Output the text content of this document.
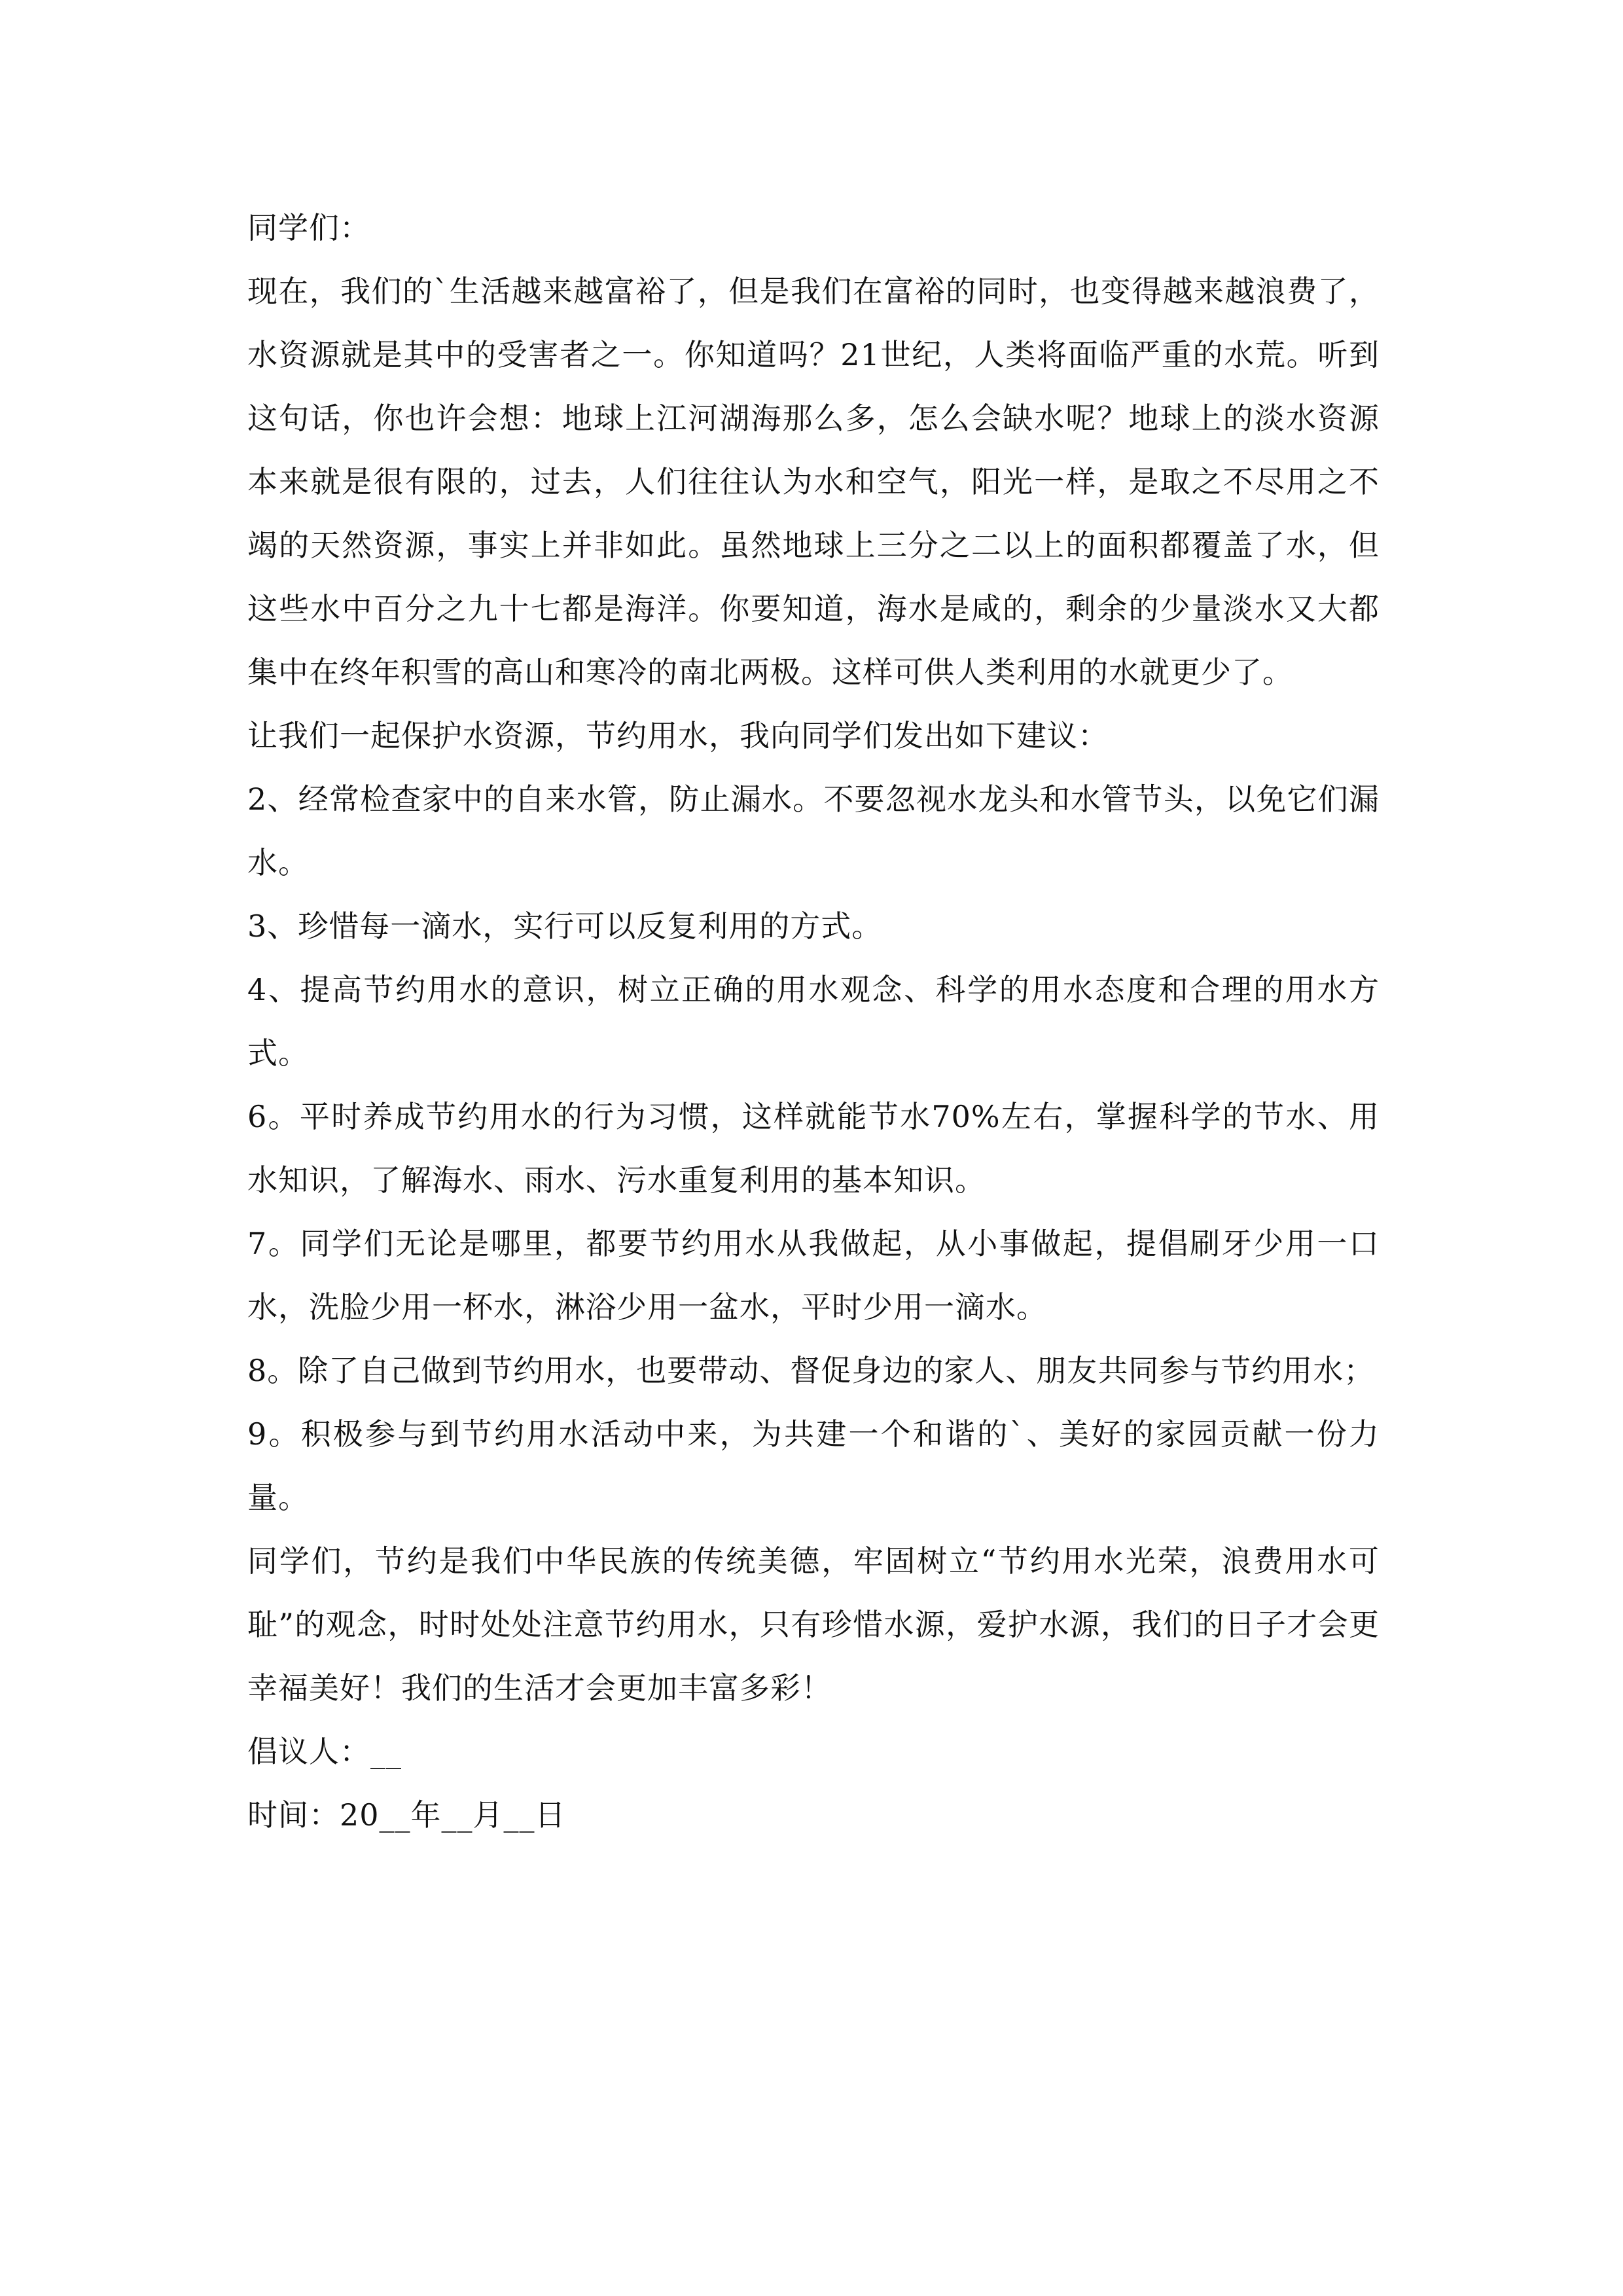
同学们：

现在，我们的`生活越来越富裕了，但是我们在富裕的同时，也变得越来越浪费了，水资源就是其中的受害者之一。你知道吗？21世纪，人类将面临严重的水荒。听到这句话，你也许会想：地球上江河湖海那么多，怎么会缺水呢？地球上的淡水资源本来就是很有限的，过去，人们往往认为水和空气，阳光一样，是取之不尽用之不竭的天然资源，事实上并非如此。虽然地球上三分之二以上的面积都覆盖了水，但这些水中百分之九十七都是海洋。你要知道，海水是咸的，剩余的少量淡水又大都集中在终年积雪的高山和寒冷的南北两极。这样可供人类利用的水就更少了。

让我们一起保护水资源，节约用水，我向同学们发出如下建议：

2、经常检查家中的自来水管，防止漏水。不要忽视水龙头和水管节头，以免它们漏水。

3、珍惜每一滴水，实行可以反复利用的方式。

4、提高节约用水的意识，树立正确的用水观念、科学的用水态度和合理的用水方式。

6。平时养成节约用水的行为习惯，这样就能节水70%左右，掌握科学的节水、用水知识，了解海水、雨水、污水重复利用的基本知识。

7。同学们无论是哪里，都要节约用水从我做起，从小事做起，提倡刷牙少用一口水，洗脸少用一杯水，淋浴少用一盆水，平时少用一滴水。

8。除了自己做到节约用水，也要带动、督促身边的家人、朋友共同参与节约用水；

9。积极参与到节约用水活动中来，为共建一个和谐的`、美好的家园贡献一份力量。

同学们，节约是我们中华民族的传统美德，牢固树立“节约用水光荣，浪费用水可耻”的观念，时时处处注意节约用水，只有珍惜水源，爱护水源，我们的日子才会更幸福美好！我们的生活才会更加丰富多彩！

倡议人：__

时间：20__年__月__日
